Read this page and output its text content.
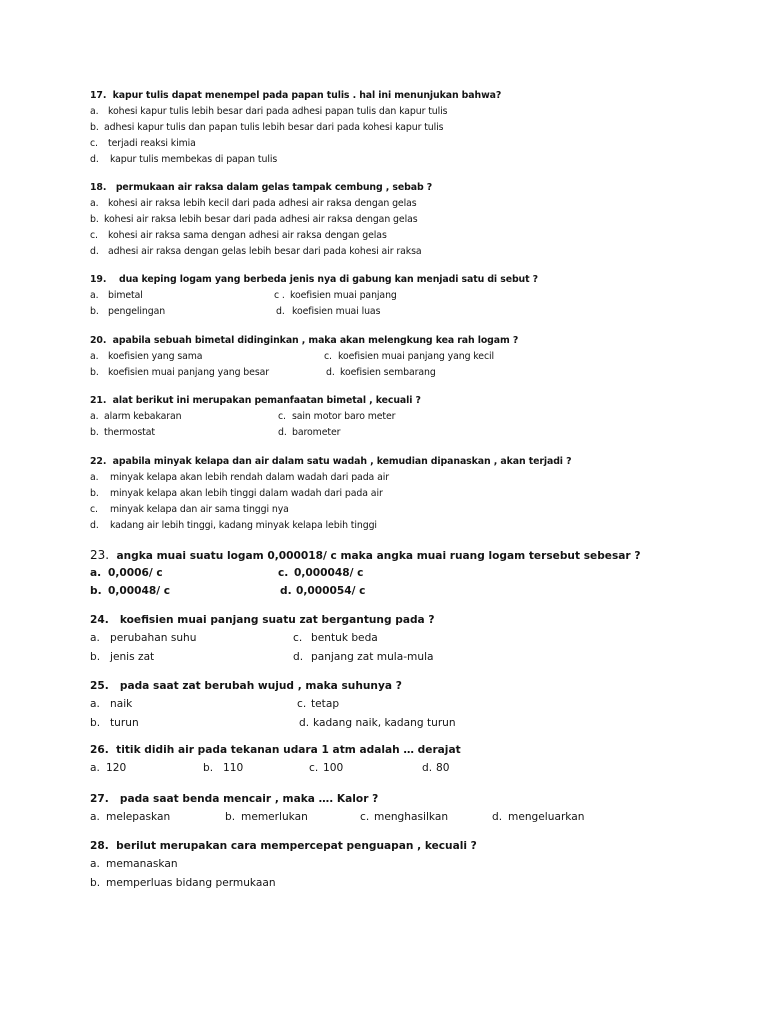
17. kapur tulis dapat menempel pada papan tulis . hal ini menunjukan bahwa?
a. kohesi kapur tulis lebih besar dari pada adhesi papan tulis dan kapur tulis
b. adhesi kapur tulis dan papan tulis lebih besar dari pada kohesi kapur tulis
c. terjadi reaksi kimia
d. kapur tulis membekas di papan tulis
18. permukaan air raksa dalam gelas tampak cembung , sebab ?
a. kohesi air raksa lebih kecil dari pada adhesi air raksa dengan gelas
b. kohesi air raksa lebih besar dari pada adhesi air raksa dengan gelas
c. kohesi air raksa sama dengan adhesi air raksa dengan gelas
d. adhesi air raksa dengan gelas lebih besar dari pada kohesi air raksa
19. dua keping logam yang berbeda jenis nya di gabung kan menjadi satu di sebut ?
a. bimetal	c . koefisien muai panjang
b. pengelingan	d. koefisien muai luas
20. apabila sebuah bimetal didinginkan , maka akan melengkung kea rah logam ?
a. koefisien yang sama	c. koefisien muai panjang yang kecil
b. koefisien muai panjang yang besar	d. koefisien sembarang
21. alat berikut ini merupakan pemanfaatan bimetal , kecuali ?
a. alarm kebakaran	c. sain motor baro meter
b. thermostat	d. barometer
22. apabila minyak kelapa dan air dalam satu wadah , kemudian dipanaskan , akan terjadi ?
a. minyak kelapa akan lebih rendah dalam wadah dari pada air
b. minyak kelapa akan lebih tinggi dalam wadah dari pada air
c. minyak kelapa dan air sama tinggi nya
d. kadang air lebih tinggi, kadang minyak kelapa lebih tinggi
23. angka muai suatu logam 0,000018/ c maka angka muai ruang logam tersebut sebesar ?
a. 0,0006/ c	c. 0,000048/ c
b. 0,00048/ c	d. 0,000054/ c
24. koefisien muai panjang suatu zat bergantung pada ?
a. perubahan suhu	c. bentuk beda
b. jenis zat	d. panjang zat mula-mula
25. pada saat zat berubah wujud , maka suhunya ?
a. naik	c. tetap
b. turun	d. kadang naik, kadang turun
26. titik didih air pada tekanan udara 1 atm adalah … derajat
a. 120	b. 110	c. 100	d. 80
27. pada saat benda mencair , maka …. Kalor ?
a. melepaskan	b. memerlukan	c. menghasilkan	d. mengeluarkan
28. berilut merupakan cara mempercepat penguapan , kecuali ?
a. memanaskan
b. memperluas bidang permukaan
